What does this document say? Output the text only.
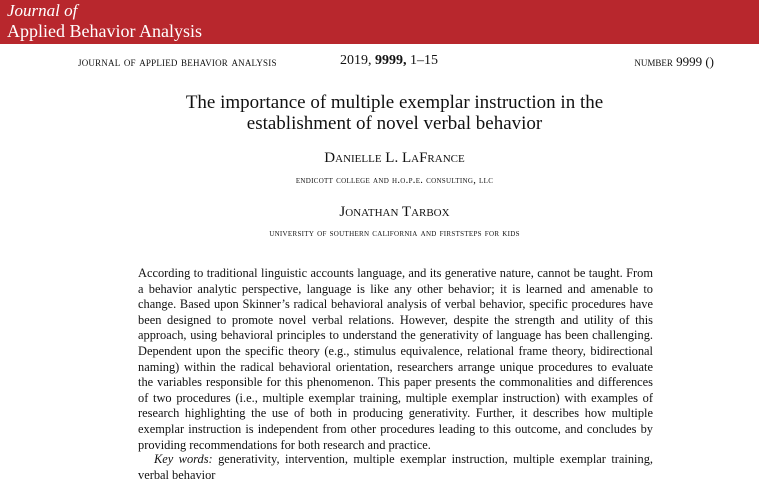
Journal of
Applied Behavior Analysis
journal of applied behavior analysis	2019, 9999, 1–15	number 9999 ()
The importance of multiple exemplar instruction in the
establishment of novel verbal behavior
Danielle L. LaFrance
endicott college and h.o.p.e. consulting, llc
Jonathan Tarbox
university of southern california and firststeps for kids
According to traditional linguistic accounts language, and its generative nature, cannot be taught. From a behavior analytic perspective, language is like any other behavior; it is learned and amenable to change. Based upon Skinner’s radical behavioral analysis of verbal behavior, specific procedures have been designed to promote novel verbal relations. However, despite the strength and utility of this approach, using behavioral principles to understand the generativity of language has been challenging. Dependent upon the specific theory (e.g., stimulus equivalence, relational frame theory, bidirectional naming) within the radical behavioral orientation, researchers arrange unique procedures to evaluate the variables responsible for this phenomenon. This paper presents the commonalities and differences of two procedures (i.e., multiple exemplar training, multiple exemplar instruction) with examples of research highlighting the use of both in producing generativity. Further, it describes how multiple exemplar instruction is independent from other procedures leading to this outcome, and concludes by providing recommendations for both research and practice.
Key words: generativity, intervention, multiple exemplar instruction, multiple exemplar training, verbal behavior
